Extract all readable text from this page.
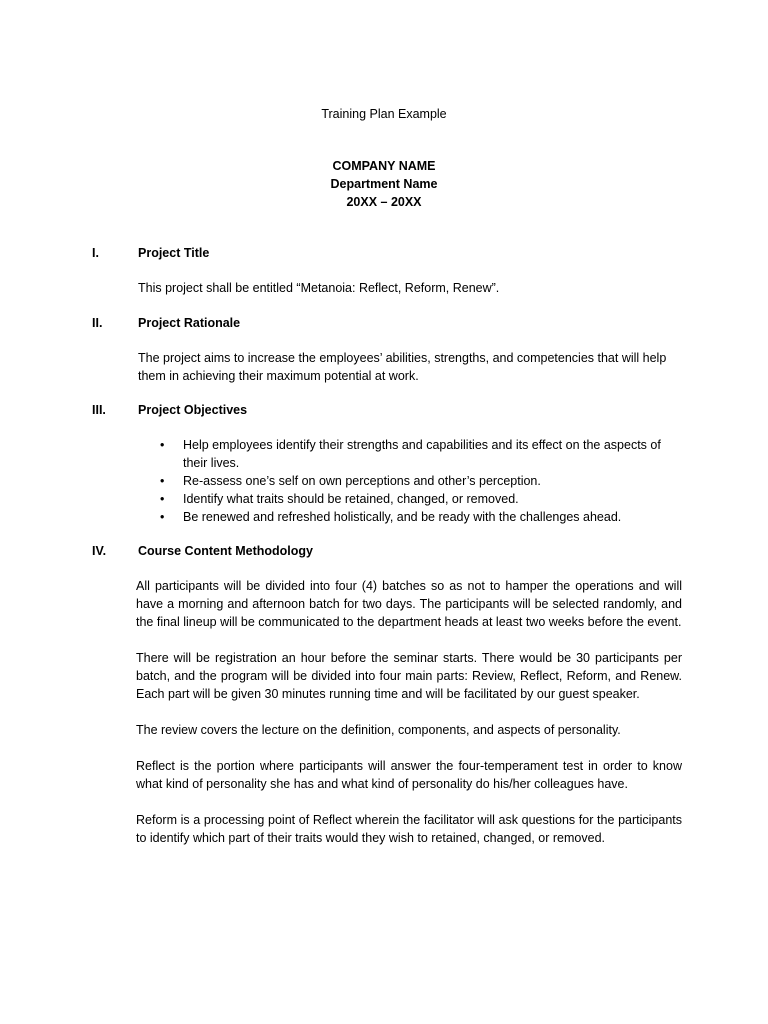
Training Plan Example
COMPANY NAME
Department Name
20XX – 20XX
I.	Project Title
This project shall be entitled “Metanoia: Reflect, Reform, Renew”.
II.	Project Rationale
The project aims to increase the employees’ abilities, strengths, and competencies that will help
them in achieving their maximum potential at work.
III.	Project Objectives
• Help employees identify their strengths and capabilities and its effect on the aspects of their lives.
• Re-assess one’s self on own perceptions and other’s perception.
• Identify what traits should be retained, changed, or removed.
• Be renewed and refreshed holistically, and be ready with the challenges ahead.
IV.	Course Content Methodology
All participants will be divided into four (4) batches so as not to hamper the operations and will have a morning and afternoon batch for two days. The participants will be selected randomly, and the final lineup will be communicated to the department heads at least two weeks before the event.
There will be registration an hour before the seminar starts. There would be 30 participants per batch, and the program will be divided into four main parts: Review, Reflect, Reform, and Renew. Each part will be given 30 minutes running time and will be facilitated by our guest speaker.
The review covers the lecture on the definition, components, and aspects of personality.
Reflect is the portion where participants will answer the four-temperament test in order to know what kind of personality she has and what kind of personality do his/her colleagues have.
Reform is a processing point of Reflect wherein the facilitator will ask questions for the participants to identify which part of their traits would they wish to retained, changed, or removed.
